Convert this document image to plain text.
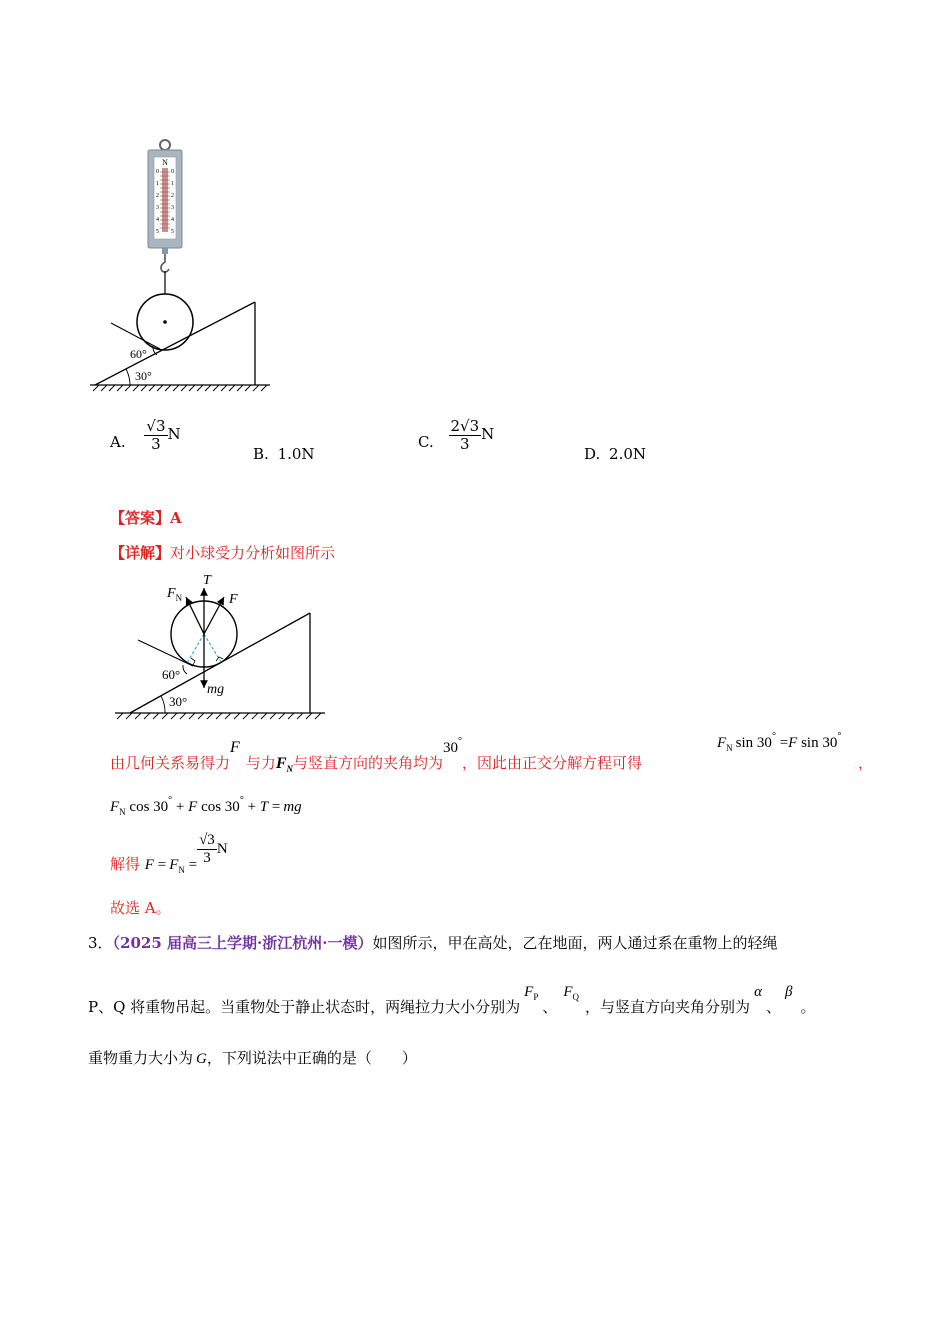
N
0 0
1 1
2 2
3 3
4 4
5 5
60°
30°
A. $\frac{√3}{3}$ N
B. 1.0N
C. $\frac{2√3}{3}$ N
D. 2.0N
【答案】A
【详解】对小球受力分析如图所示
T
$F_N$	F
mg
60°
30°
由几何关系易得力F与力$F_N$与竖直方向的夹角均为30°，因此由正交分解方程可得
$F_N$ sin 30° =F sin 30°
，
$F_N$ cos 30° + F cos 30° + T = mg
解得 $F = F_N = \frac{√3}{3}$ N
故选 A。
3．（2025 届高三上学期·浙江杭州·一模）如图所示，甲在高处，乙在地面，两人通过系在重物上的轻绳
P、Q 将重物吊起。当重物处于静止状态时，两绳拉力大小分别为$F_P$、$F_Q$，与竖直方向夹角分别为α、β。
重物重力大小为 G，下列说法中正确的是（　　）
